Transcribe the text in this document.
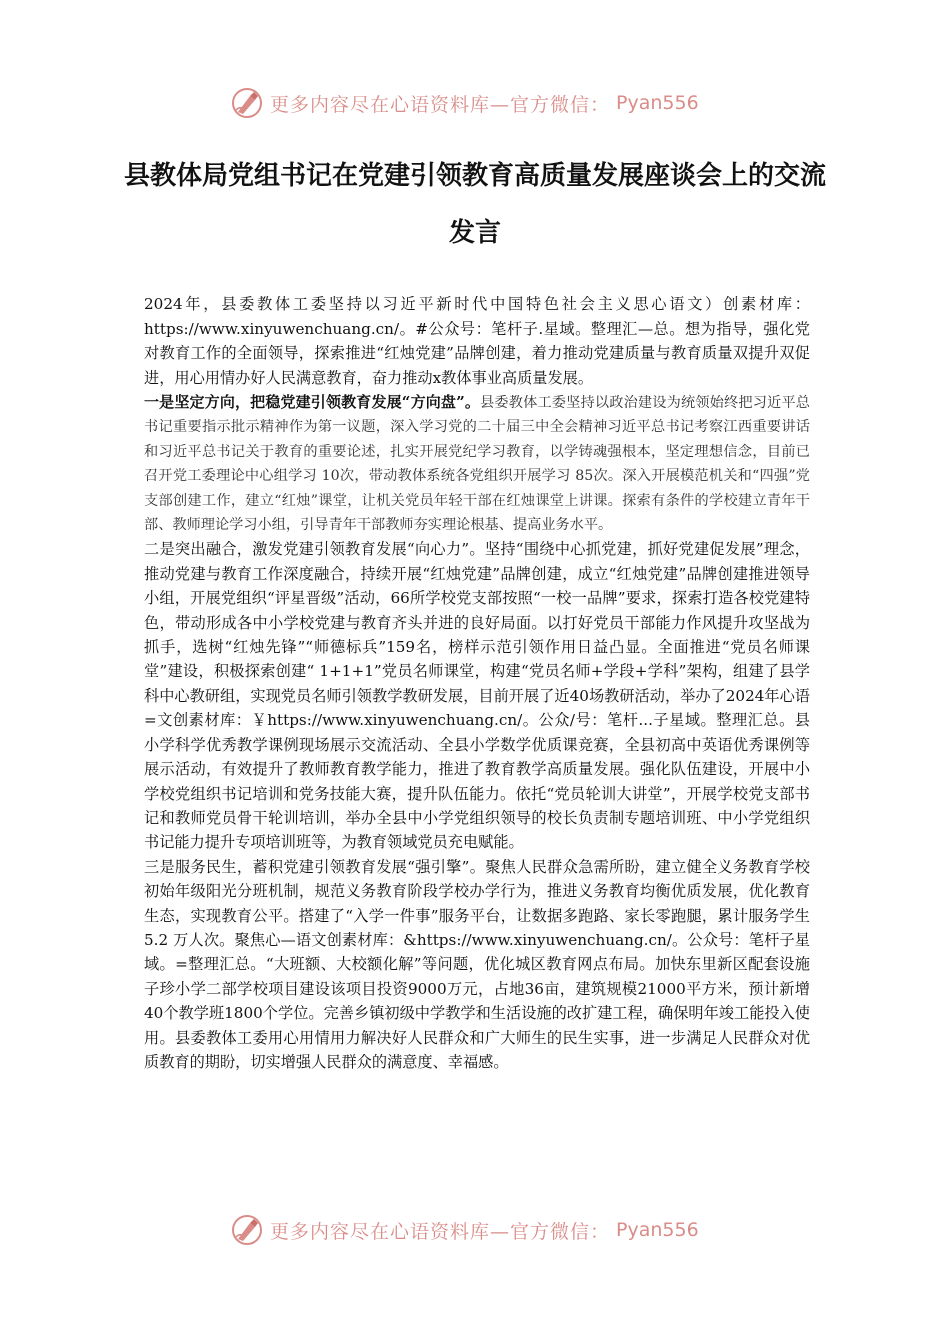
更多内容尽在心语资料库—官方微信： Pyan556
县教体局党组书记在党建引领教育高质量发展座谈会上的交流发言

2024年，县委教体工委坚持以习近平新时代中国特色社会主义思心语文）创素材库：https://www.xinyuwenchuang.cn/。#公众号：笔杆子.星域。整理汇—总。想为指导，强化党对教育工作的全面领导，探索推进“红烛党建”品牌创建，着力推动党建质量与教育质量双提升双促进，用心用情办好人民满意教育，奋力推动x教体事业高质量发展。

一是坚定方向，把稳党建引领教育发展“方向盘”。县委教体工委坚持以政治建设为统领始终把习近平总书记重要指示批示精神作为第一议题，深入学习党的二十届三中全会精神习近平总书记考察江西重要讲话和习近平总书记关于教育的重要论述，扎实开展党纪学习教育，以学铸魂强根本，坚定理想信念，目前已召开党工委理论中心组学习 10次，带动教体系统各党组织开展学习 85次。深入开展模范机关和“四强”党支部创建工作，建立“红烛”课堂，让机关党员年轻干部在红烛课堂上讲课。探索有条件的学校建立青年干部、教师理论学习小组，引导青年干部教师夯实理论根基、提高业务水平。

二是突出融合，激发党建引领教育发展“向心力”。坚持“围绕中心抓党建，抓好党建促发展”理念，推动党建与教育工作深度融合，持续开展“红烛党建”品牌创建，成立“红烛党建”品牌创建推进领导小组，开展党组织“评星晋级”活动，66所学校党支部按照“一校一品牌”要求，探索打造各校党建特色，带动形成各中小学校党建与教育齐头并进的良好局面。以打好党员干部能力作风提升攻坚战为抓手，选树“红烛先锋”“师德标兵”159名，榜样示范引领作用日益凸显。全面推进“党员名师课堂”建设，积极探索创建“ 1+1+1”党员名师课堂，构建“党员名师+学段+学科”架构，组建了县学科中心教研组，实现党员名师引领教学教研发展，目前开展了近40场教研活动，举办了2024年心语=文创素材库：￥https://www.xinyuwenchuang.cn/。公众/号：笔杆...子星域。整理汇总。县小学科学优秀教学课例现场展示交流活动、全县小学数学优质课竞赛，全县初高中英语优秀课例等展示活动，有效提升了教师教育教学能力，推进了教育教学高质量发展。强化队伍建设，开展中小学校党组织书记培训和党务技能大赛，提升队伍能力。依托“党员轮训大讲堂”，开展学校党支部书记和教师党员骨干轮训培训，举办全县中小学党组织领导的校长负责制专题培训班、中小学党组织书记能力提升专项培训班等，为教育领域党员充电赋能。

三是服务民生，蓄积党建引领教育发展“强引擎”。聚焦人民群众急需所盼，建立健全义务教育学校初始年级阳光分班机制，规范义务教育阶段学校办学行为，推进义务教育均衡优质发展，优化教育生态，实现教育公平。搭建了“入学一件事”服务平台，让数据多跑路、家长零跑腿，累计服务学生 5.2 万人次。聚焦心—语文创素材库：&https://www.xinyuwenchuang.cn/。公众号：笔杆子星域。=整理汇总。“大班额、大校额化解”等问题，优化城区教育网点布局。加快东里新区配套设施子珍小学二部学校项目建设该项目投资9000万元，占地36亩，建筑规模21000平方米，预计新增40个教学班1800个学位。完善乡镇初级中学教学和生活设施的改扩建工程，确保明年竣工能投入使用。县委教体工委用心用情用力解决好人民群众和广大师生的民生实事，进一步满足人民群众对优质教育的期盼，切实增强人民群众的满意度、幸福感。

更多内容尽在心语资料库—官方微信： Pyan556
